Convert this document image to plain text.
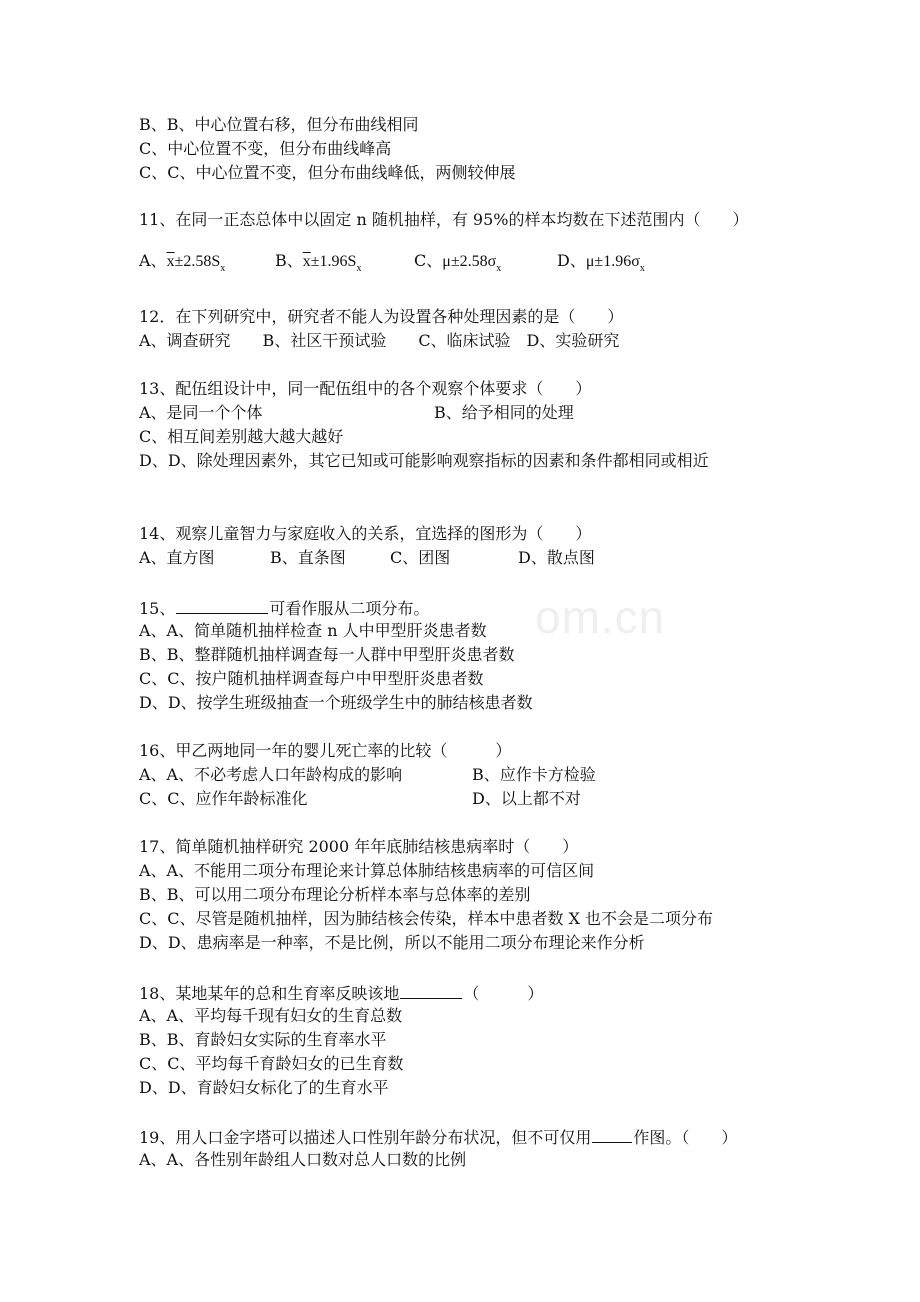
om.cn
B、B、中心位置右移，但分布曲线相同
C、中心位置不变，但分布曲线峰高
C、C、中心位置不变，但分布曲线峰低，两侧较伸展
11、在同一正态总体中以固定 n 随机抽样，有 95%的样本均数在下述范围内（　　）
A、$\overline{x}\pm 2.58S_x$	B、$\overline{x}\pm 1.96S_x$	C、$\mu\pm 2.58\sigma_x$	D、$\mu\pm 1.96\sigma_x$
12．在下列研究中，研究者不能人为设置各种处理因素的是（　　）
A、调查研究　　B、社区干预试验　　C、临床试验　D、实验研究
13、配伍组设计中，同一配伍组中的各个观察个体要求（　　）
A、是同一个个体	B、给予相同的处理
C、相互间差别越大越大越好
D、D、除处理因素外，其它已知或可能影响观察指标的因素和条件都相同或相近
14、观察儿童智力与家庭收入的关系，宜选择的图形为（　　）
A、直方图	B、直条图	C、团图	D、散点图
15、	可看作服从二项分布。
A、A、简单随机抽样检查 n 人中甲型肝炎患者数
B、B、整群随机抽样调查每一人群中甲型肝炎患者数
C、C、按户随机抽样调查每户中甲型肝炎患者数
D、D、按学生班级抽查一个班级学生中的肺结核患者数
16、甲乙两地同一年的婴儿死亡率的比较（　　　）
A、A、不必考虑人口年龄构成的影响	B、应作卡方检验
C、C、应作年龄标准化	D、以上都不对
17、简单随机抽样研究 2000 年年底肺结核患病率时（　　）
A、A、不能用二项分布理论来计算总体肺结核患病率的可信区间
B、B、可以用二项分布理论分析样本率与总体率的差别
C、C、尽管是随机抽样，因为肺结核会传染，样本中患者数 X 也不会是二项分布
D、D、患病率是一种率，不是比例，所以不能用二项分布理论来作分析
18、某地某年的总和生育率反映该地	（　　　）
A、A、平均每千现有妇女的生育总数
B、B、育龄妇女实际的生育率水平
C、C、平均每千育龄妇女的已生育数
D、D、育龄妇女标化了的生育水平
19、用人口金字塔可以描述人口性别年龄分布状况，但不可仅用	作图。（　　）
A、A、各性别年龄组人口数对总人口数的比例
